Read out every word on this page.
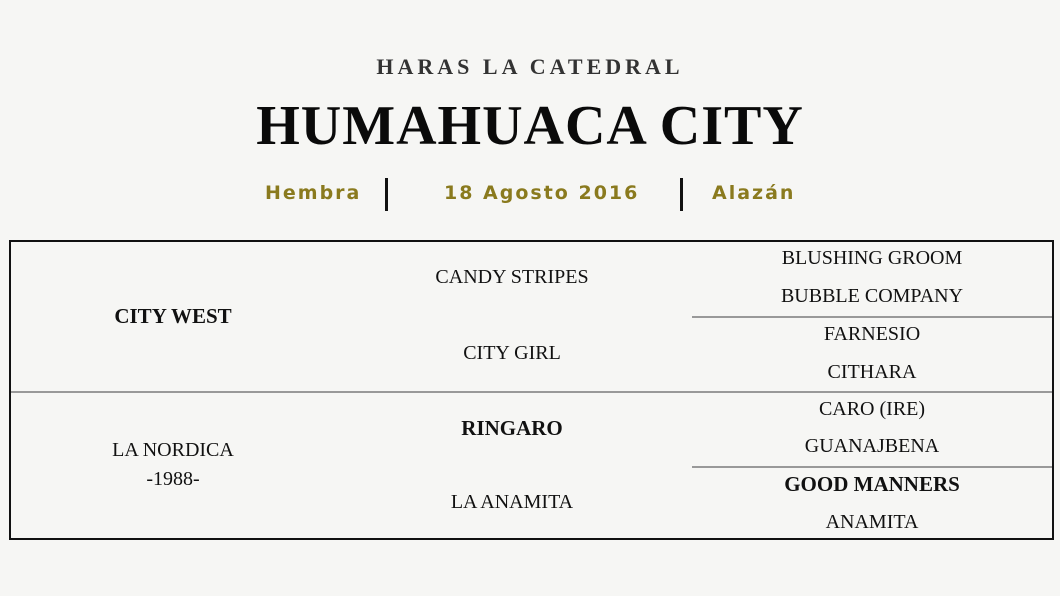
HARAS LA CATEDRAL
HUMAHUACA CITY
Hembra	18 Agosto 2016	Alazán
CITY WEST
LA NORDICA
-1988-
CANDY STRIPES
CITY GIRL
RINGARO
LA ANAMITA
BLUSHING GROOM
BUBBLE COMPANY
FARNESIO
CITHARA
CARO (IRE)
GUANAJBENA
GOOD MANNERS
ANAMITA
